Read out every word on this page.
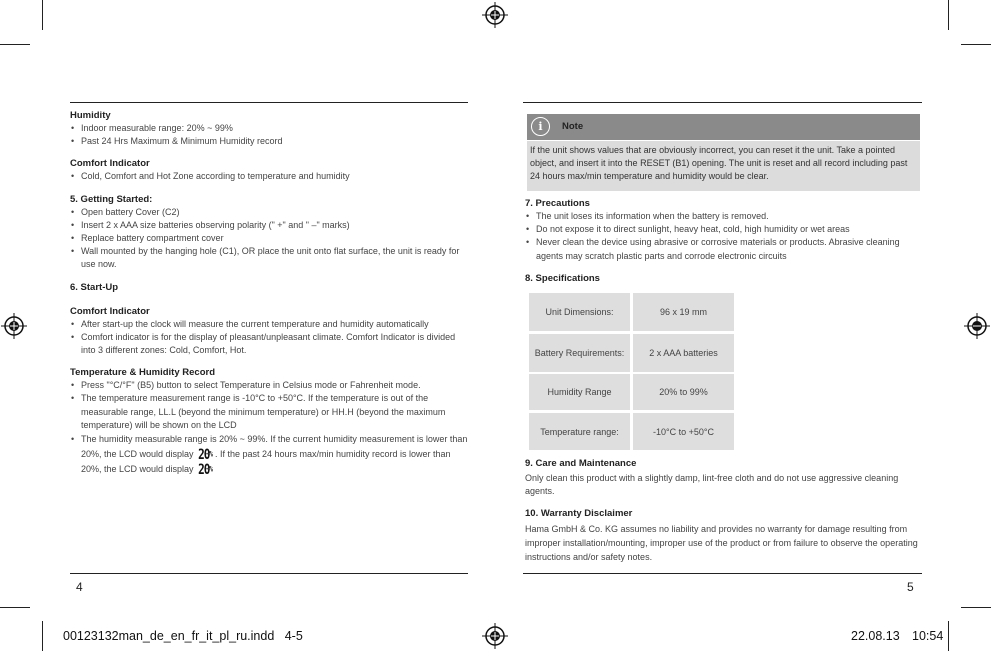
Humidity
• Indoor measurable range: 20% ~ 99%
• Past 24 Hrs Maximum & Minimum Humidity record
Comfort Indicator
• Cold, Comfort and Hot Zone according to temperature and humidity
5. Getting Started:
• Open battery Cover (C2)
• Insert 2 x AAA size batteries observing polarity (" +" and " –" marks)
• Replace battery compartment cover
• Wall mounted by the hanging hole (C1), OR place the unit onto flat surface, the unit is ready for use now.
6. Start-Up
Comfort Indicator
• After start-up the clock will measure the current temperature and humidity automatically
• Comfort indicator is for the display of pleasant/unpleasant climate. Comfort Indicator is divided into 3 different zones: Cold, Comfort, Hot.
Temperature & Humidity Record
• Press "°C/°F" (B5) button to select Temperature in Celsius mode or Fahrenheit mode.
• The temperature measurement range is -10°C to +50°C. If the temperature is out of the measurable range, LL.L (beyond the minimum temperature) or HH.H (beyond the maximum temperature) will be shown on the LCD
• The humidity measurable range is 20% ~ 99%. If the current humidity measurement is lower than 20%, the LCD would display 20% . If the past 24 hours max/min humidity record is lower than 20%, the LCD would display 20%
4
i	Note
If the unit shows values that are obviously incorrect, you can reset it the unit. Take a pointed object, and insert it into the RESET (B1) opening. The unit is reset and all record including past 24 hours max/min temperature and humidity would be clear.
7. Precautions
• The unit loses its information when the battery is removed.
• Do not expose it to direct sunlight, heavy heat, cold, high humidity or wet areas
• Never clean the device using abrasive or corrosive materials or products. Abrasive cleaning agents may scratch plastic parts and corrode electronic circuits
8. Specifications
Unit Dimensions:	96 x 19 mm
Battery Requirements:	2 x AAA batteries
Humidity Range	20% to 99%
Temperature range:	-10°C to +50°C
9. Care and Maintenance
Only clean this product with a slightly damp, lint-free cloth and do not use aggressive cleaning agents.
10. Warranty Disclaimer
Hama GmbH & Co. KG assumes no liability and provides no warranty for damage resulting from improper installation/mounting, improper use of the product or from failure to observe the operating instructions and/or safety notes.
5
00123132man_de_en_fr_it_pl_ru.indd   4-5	22.08.13 10:54
